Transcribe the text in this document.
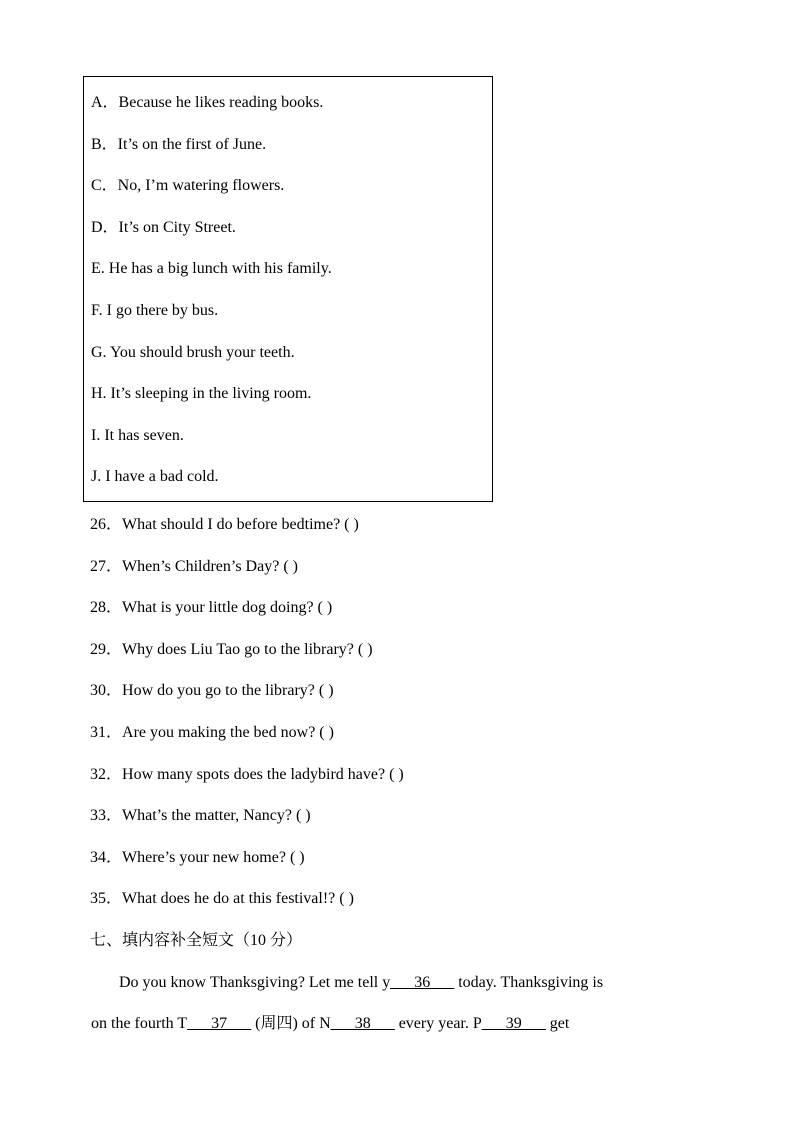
A．Because he likes reading books.
B．It’s on the first of June.
C．No, I’m watering flowers.
D．It’s on City Street.
E. He has a big lunch with his family.
F. I go there by bus.
G. You should brush your teeth.
H. It’s sleeping in the living room.
I. It has seven.
J. I have a bad cold.
26．What should I do before bedtime? ( )
27．When’s Children’s Day? ( )
28．What is your little dog doing? ( )
29．Why does Liu Tao go to the library? ( )
30．How do you go to the library? ( )
31．Are you making the bed now? ( )
32．How many spots does the ladybird have? ( )
33．What’s the matter, Nancy? ( )
34．Where’s your new home? ( )
35．What does he do at this festival!? ( )
七、填内容补全短文（10 分）
Do you know Thanksgiving? Let me tell y___36___ today. Thanksgiving is
on the fourth T___37___ (周四) of N___38___ every year. P___39___ get
